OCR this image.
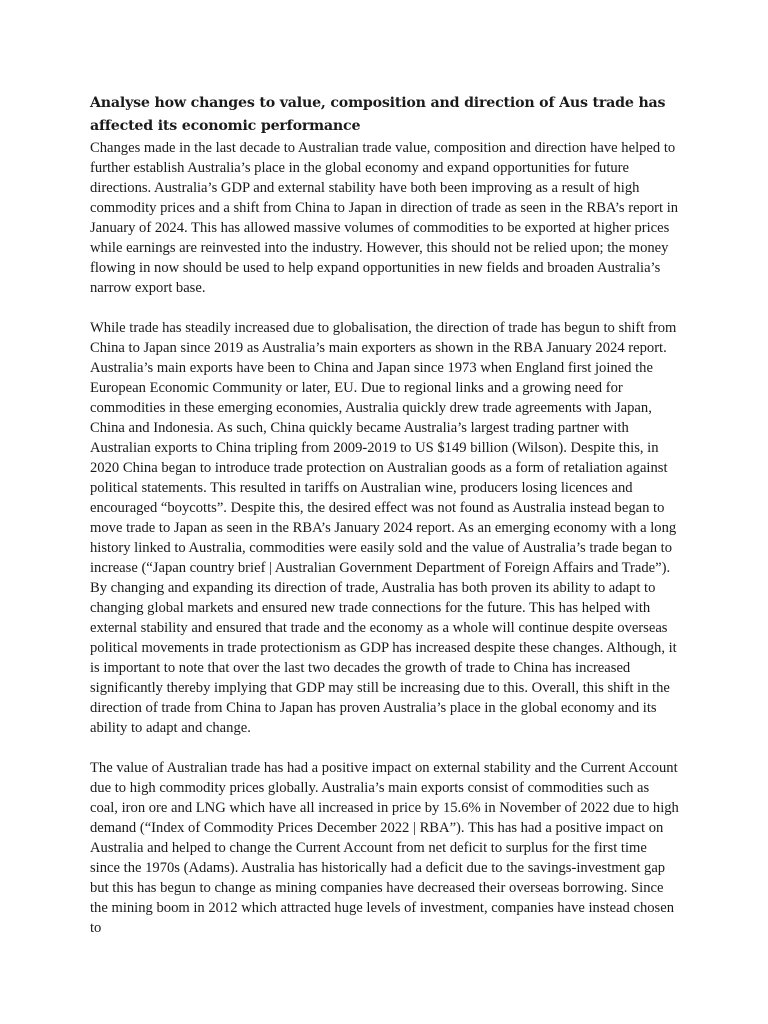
Analyse how changes to value, composition and direction of Aus trade has affected its economic performance

Changes made in the last decade to Australian trade value, composition and direction have helped to further establish Australia’s place in the global economy and expand opportunities for future directions. Australia’s GDP and external stability have both been improving as a result of high commodity prices and a shift from China to Japan in direction of trade as seen in the RBA’s report in January of 2024. This has allowed massive volumes of commodities to be exported at higher prices while earnings are reinvested into the industry. However, this should not be relied upon; the money flowing in now should be used to help expand opportunities in new fields and broaden Australia’s narrow export base.

While trade has steadily increased due to globalisation, the direction of trade has begun to shift from China to Japan since 2019 as Australia’s main exporters as shown in the RBA January 2024 report. Australia’s main exports have been to China and Japan since 1973 when England first joined the European Economic Community or later, EU. Due to regional links and a growing need for commodities in these emerging economies, Australia quickly drew trade agreements with Japan, China and Indonesia. As such, China quickly became Australia’s largest trading partner with Australian exports to China tripling from 2009-2019 to US $149 billion (Wilson). Despite this, in 2020 China began to introduce trade protection on Australian goods as a form of retaliation against political statements. This resulted in tariffs on Australian wine, producers losing licences and encouraged “boycotts”. Despite this, the desired effect was not found as Australia instead began to move trade to Japan as seen in the RBA’s January 2024 report. As an emerging economy with a long history linked to Australia, commodities were easily sold and the value of Australia’s trade began to increase (“Japan country brief | Australian Government Department of Foreign Affairs and Trade”). By changing and expanding its direction of trade, Australia has both proven its ability to adapt to changing global markets and ensured new trade connections for the future. This has helped with external stability and ensured that trade and the economy as a whole will continue despite overseas political movements in trade protectionism as GDP has increased despite these changes. Although, it is important to note that over the last two decades the growth of trade to China has increased significantly thereby implying that GDP may still be increasing due to this. Overall, this shift in the direction of trade from China to Japan has proven Australia’s place in the global economy and its ability to adapt and change.

The value of Australian trade has had a positive impact on external stability and the Current Account due to high commodity prices globally. Australia’s main exports consist of commodities such as coal, iron ore and LNG which have all increased in price by 15.6% in November of 2022 due to high demand (“Index of Commodity Prices December 2022 | RBA”). This has had a positive impact on Australia and helped to change the Current Account from net deficit to surplus for the first time since the 1970s (Adams). Australia has historically had a deficit due to the savings-investment gap but this has begun to change as mining companies have decreased their overseas borrowing. Since the mining boom in 2012 which attracted huge levels of investment, companies have instead chosen to
